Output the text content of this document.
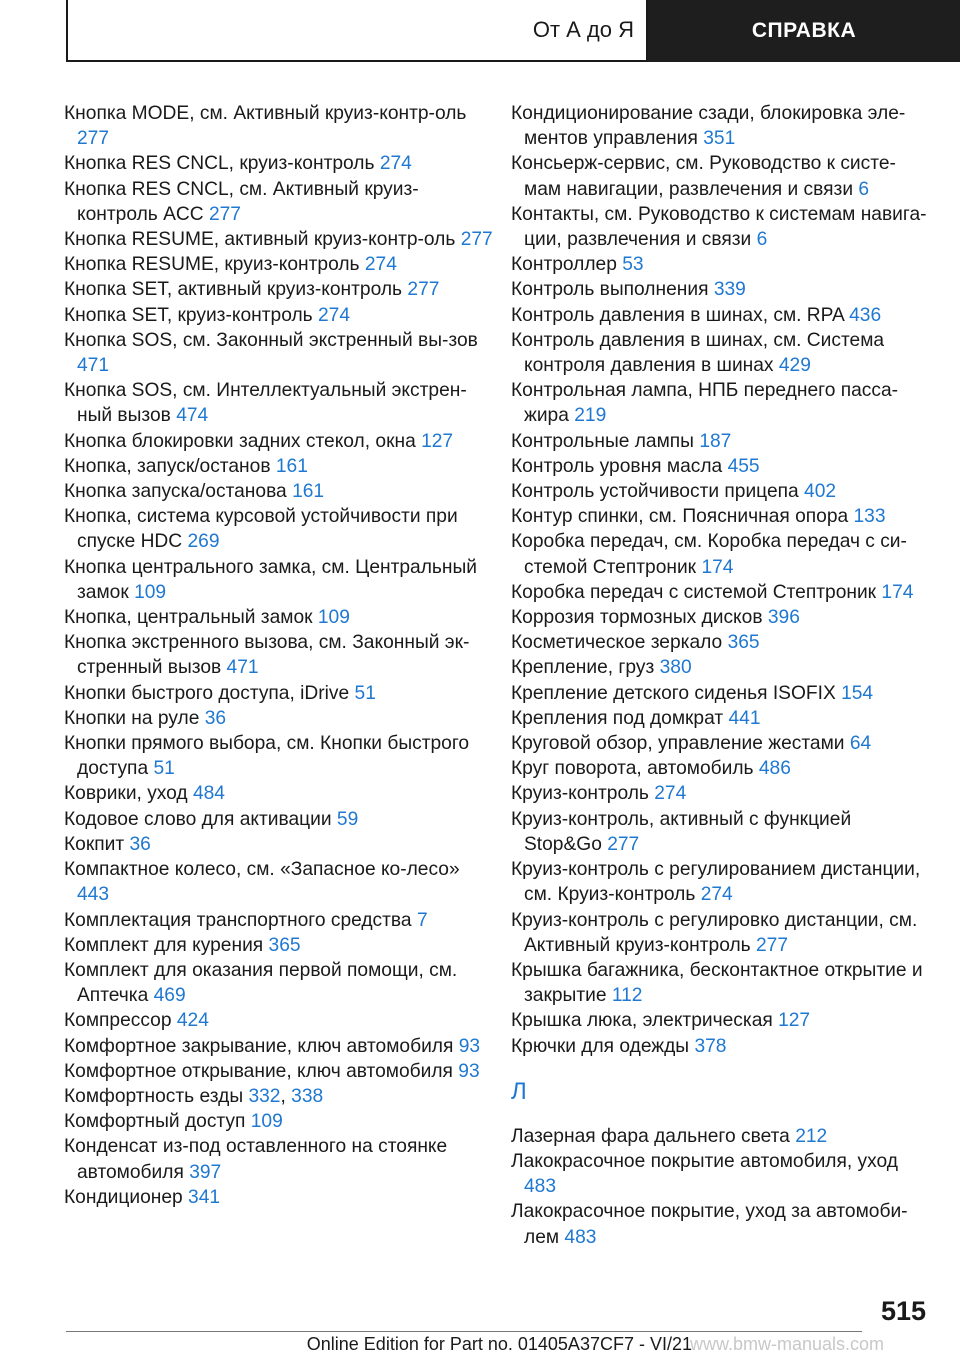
От А до Я	СПРАВКА
Кнопка MODE, см. Активный круиз-контр-оль 277
Кнопка RES CNCL, круиз-контроль 274
Кнопка RES CNCL, см. Активный круиз-контроль ACC 277
Кнопка RESUME, активный круиз-контр-оль 277
Кнопка RESUME, круиз-контроль 274
Кнопка SET, активный круиз-контроль 277
Кнопка SET, круиз-контроль 274
Кнопка SOS, см. Законный экстренный вы-зов 471
Кнопка SOS, см. Интеллектуальный экстрен-ный вызов 474
Кнопка блокировки задних стекол, окна 127
Кнопка, запуск/останов 161
Кнопка запуска/останова 161
Кнопка, система курсовой устойчивости при спуске HDC 269
Кнопка центрального замка, см. Центральный замок 109
Кнопка, центральный замок 109
Кнопка экстренного вызова, см. Законный эк-стренный вызов 471
Кнопки быстрого доступа, iDrive 51
Кнопки на руле 36
Кнопки прямого выбора, см. Кнопки быстрого доступа 51
Коврики, уход 484
Кодовое слово для активации 59
Кокпит 36
Компактное колесо, см. «Запасное ко-лесо» 443
Комплектация транспортного средства 7
Комплект для курения 365
Комплект для оказания первой помощи, см. Аптечка 469
Компрессор 424
Комфортное закрывание, ключ автомобиля 93
Комфортное открывание, ключ автомобиля 93
Комфортность езды 332, 338
Комфортный доступ 109
Конденсат из-под оставленного на стоянке автомобиля 397
Кондиционер 341
Кондиционирование сзади, блокировка эле-ментов управления 351
Консьерж-сервис, см. Руководство к систе-мам навигации, развлечения и связи 6
Контакты, см. Руководство к системам навига-ции, развлечения и связи 6
Контроллер 53
Контроль выполнения 339
Контроль давления в шинах, см. RPA 436
Контроль давления в шинах, см. Система контроля давления в шинах 429
Контрольная лампа, НПБ переднего пасса-жира 219
Контрольные лампы 187
Контроль уровня масла 455
Контроль устойчивости прицепа 402
Контур спинки, см. Поясничная опора 133
Коробка передач, см. Коробка передач с си-стемой Стептроник 174
Коробка передач с системой Стептроник 174
Коррозия тормозных дисков 396
Косметическое зеркало 365
Крепление, груз 380
Крепление детского сиденья ISOFIX 154
Крепления под домкрат 441
Круговой обзор, управление жестами 64
Круг поворота, автомобиль 486
Круиз-контроль 274
Круиз-контроль, активный с функцией Stop&Go 277
Круиз-контроль с регулированием дистанции, см. Круиз-контроль 274
Круиз-контроль с регулировко дистанции, см. Активный круиз-контроль 277
Крышка багажника, бесконтактное открытие и закрытие 112
Крышка люка, электрическая 127
Крючки для одежды 378
Л
Лазерная фара дальнего света 212
Лакокрасочное покрытие автомобиля, уход 483
Лакокрасочное покрытие, уход за автомоби-лем 483
515
www.bmw-manuals.com
Online Edition for Part no. 01405A37CF7 - VI/21
